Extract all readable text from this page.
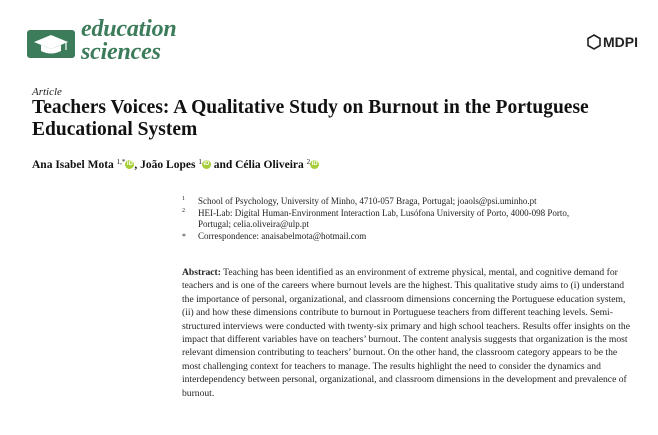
education
sciences	MDPI
Article
Teachers Voices: A Qualitative Study on Burnout in the Portuguese Educational System
Ana Isabel Mota $^{1,*}$ iD , João Lopes $^1$ iD and Célia Oliveira $^2$ iD
1 School of Psychology, University of Minho, 4710-057 Braga, Portugal; joaols@psi.uminho.pt
2 HEI-Lab: Digital Human-Environment Interaction Lab, Lusófona University of Porto, 4000-098 Porto, Portugal; celia.oliveira@ulp.pt
* Correspondence: anaisabelmota@hotmail.com

Abstract: Teaching has been identified as an environment of extreme physical, mental, and cognitive demand for teachers and is one of the careers where burnout levels are the highest. This qualitative study aims to (i) understand the importance of personal, organizational, and classroom dimensions concerning the Portuguese education system, (ii) and how these dimensions contribute to burnout in Portuguese teachers from different teaching levels. Semi-structured interviews were conducted with twenty-six primary and high school teachers. Results offer insights on the impact that different variables have on teachers’ burnout. The content analysis suggests that organization is the most relevant dimension contributing to teachers’ burnout. On the other hand, the classroom category appears to be the most challenging context for teachers to manage. The results highlight the need to consider the dynamics and interdependency between personal, organizational, and classroom dimensions in the development and prevalence of burnout.
